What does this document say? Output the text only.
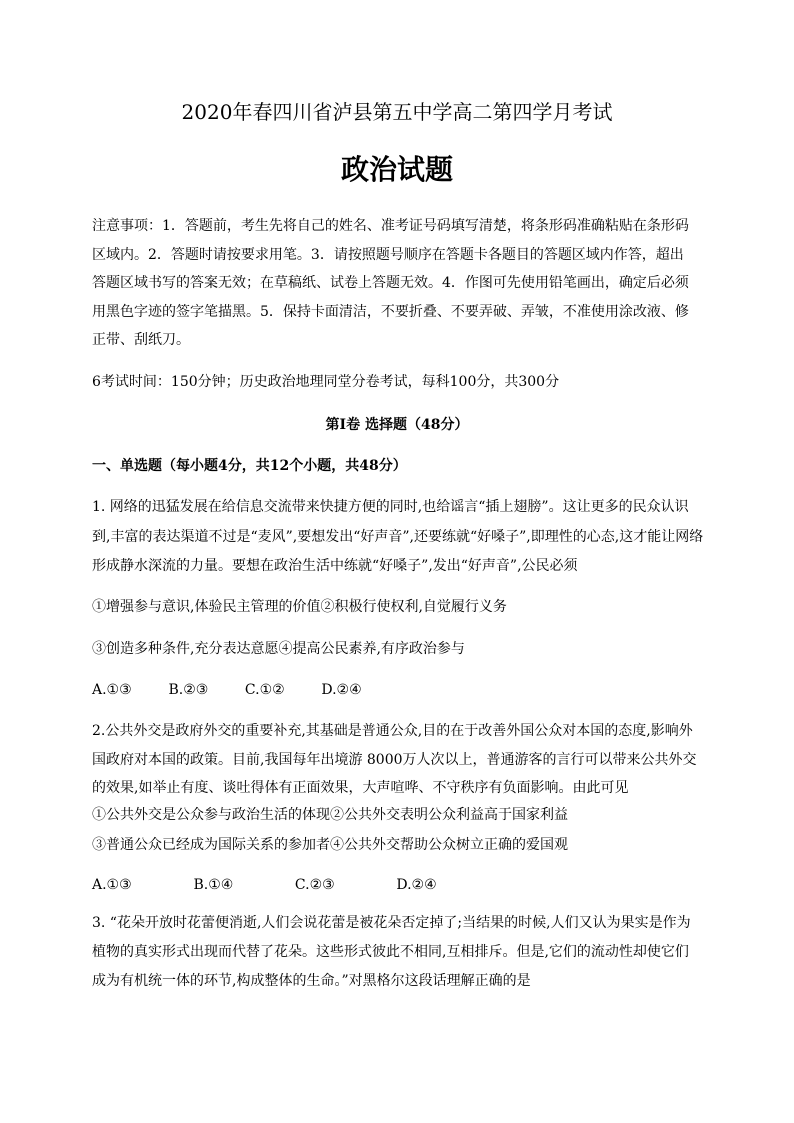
2020年春四川省泸县第五中学高二第四学月考试
政治试题
注意事项：1．答题前，考生先将自己的姓名、准考证号码填写清楚，将条形码准确粘贴在条形码
区域内。2．答题时请按要求用笔。3．请按照题号顺序在答题卡各题目的答题区域内作答，超出
答题区域书写的答案无效；在草稿纸、试卷上答题无效。4．作图可先使用铅笔画出，确定后必须
用黑色字迹的签字笔描黑。5．保持卡面清洁，不要折叠、不要弄破、弄皱，不准使用涂改液、修
正带、刮纸刀。
6考试时间：150分钟；历史政治地理同堂分卷考试，每科100分，共300分
第Ⅰ卷 选择题（48分）
一、单选题（每小题4分，共12个小题，共48分）
1. 网络的迅猛发展在给信息交流带来快捷方便的同时,也给谣言“插上翅膀”。这让更多的民众认识
到,丰富的表达渠道不过是“麦风”,要想发出“好声音”,还要练就“好嗓子”,即理性的心态,这才能让网络
形成静水深流的力量。要想在政治生活中练就“好嗓子”,发出“好声音”,公民必须
①增强参与意识,体验民主管理的价值②积极行使权利,自觉履行义务
③创造多种条件,充分表达意愿④提高公民素养,有序政治参与
A.①③	B.②③	C.①②	D.②④
2.公共外交是政府外交的重要补充,其基础是普通公众,目的在于改善外国公众对本国的态度,影响外
国政府对本国的政策。目前,我国每年出境游 8000万人次以上，普通游客的言行可以带来公共外交
的效果,如举止有度、谈吐得体有正面效果，大声喧哗、不守秩序有负面影响。由此可见
①公共外交是公众参与政治生活的体现②公共外交表明公众利益高于国家利益
③普通公众已经成为国际关系的参加者④公共外交帮助公众树立正确的爱国观
A.①③	B.①④	C.②③	D.②④
3. “花朵开放时花蕾便消逝,人们会说花蕾是被花朵否定掉了;当结果的时候,人们又认为果实是作为
植物的真实形式出现而代替了花朵。这些形式彼此不相同,互相排斥。但是,它们的流动性却使它们
成为有机统一体的环节,构成整体的生命。”对黑格尔这段话理解正确的是
